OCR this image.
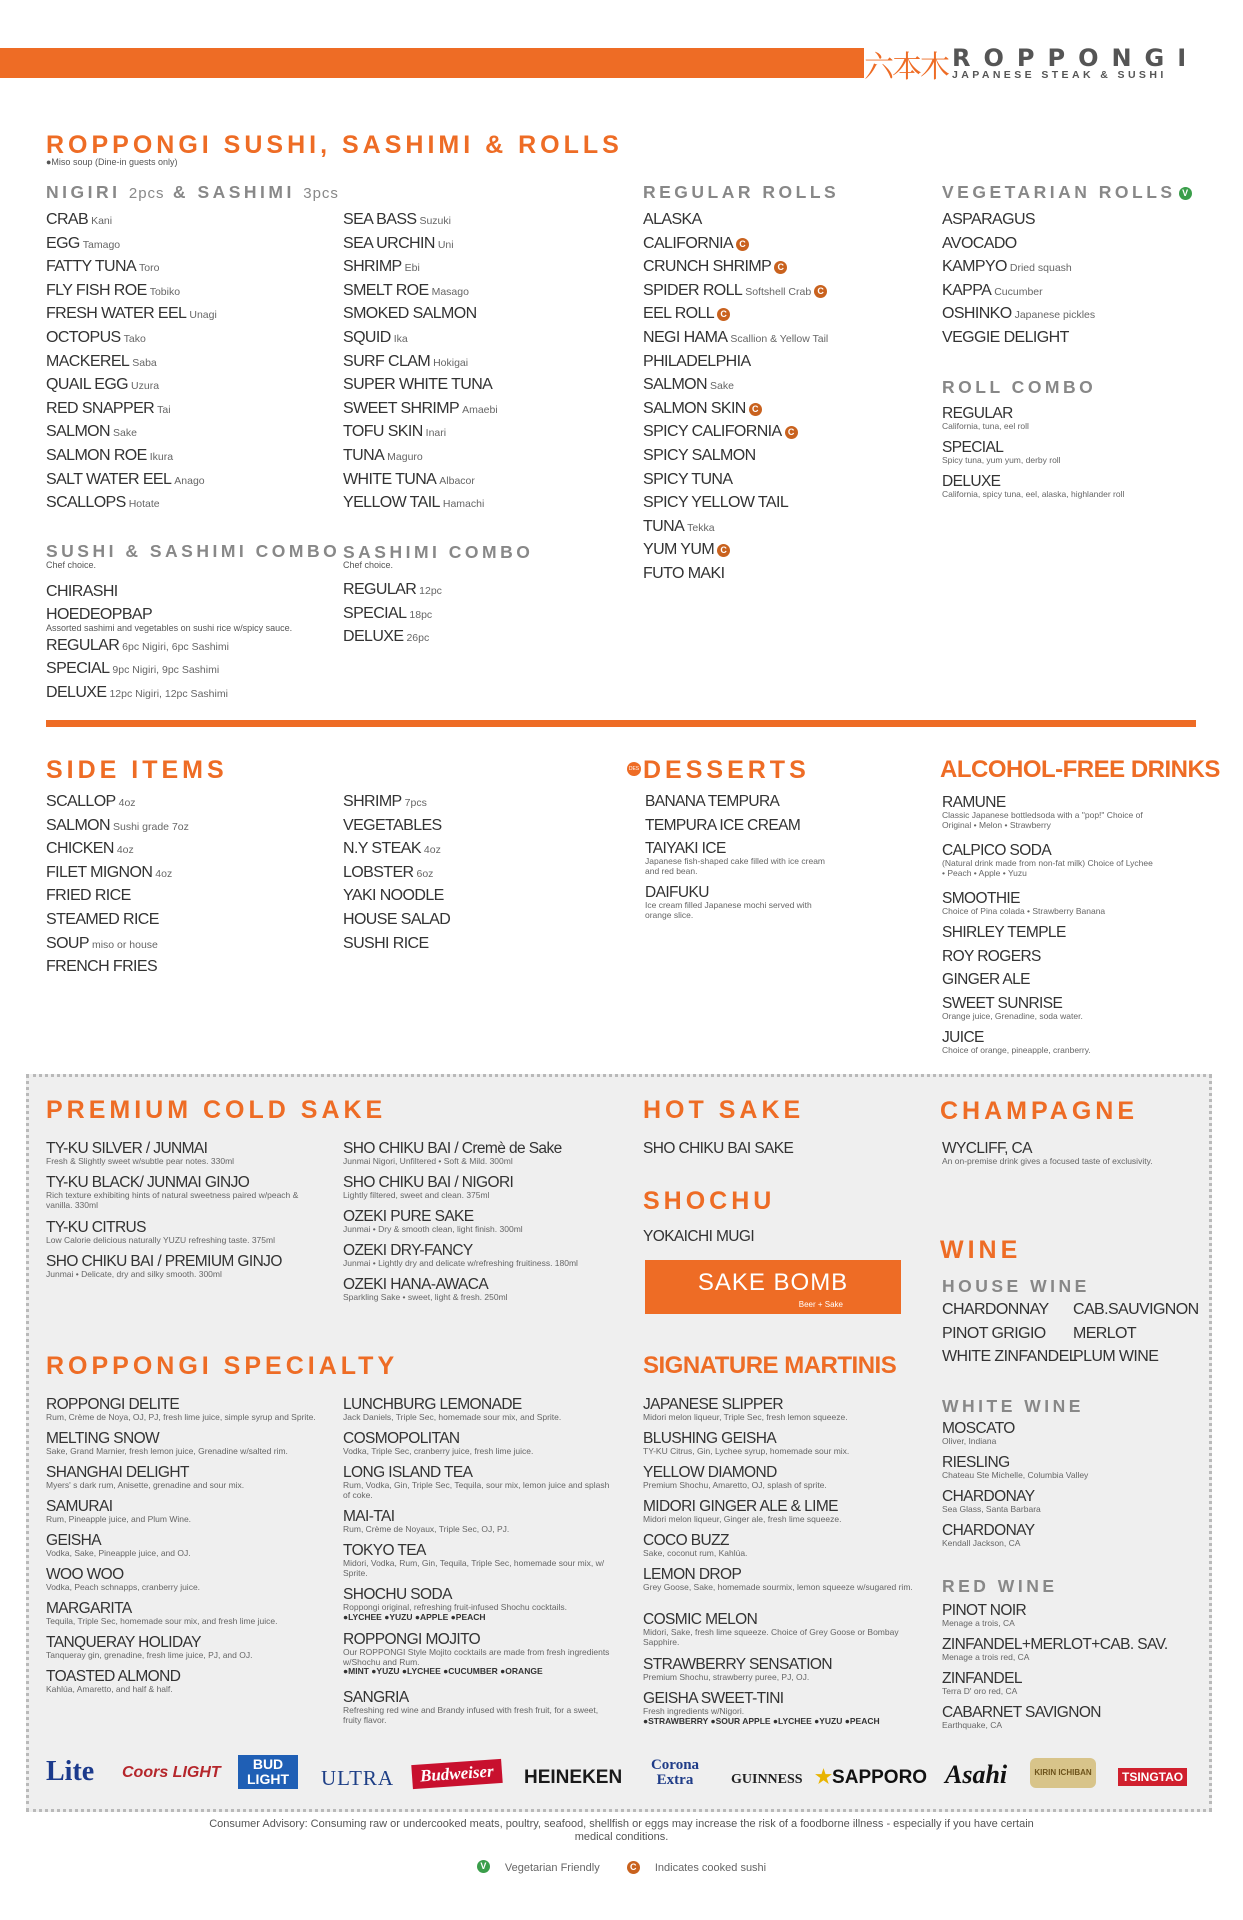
六本木 ROPPONGI
JAPANESE STEAK & SUSHI
ROPPONGI SUSHI, SASHIMI & ROLLS
●Miso soup (Dine-in guests only)
NIGIRI 2pcs & SASHIMI 3pcs
CRAB Kani
EGG Tamago
FATTY TUNA Toro
FLY FISH ROE Tobiko
FRESH WATER EEL Unagi
OCTOPUS Tako
MACKEREL Saba
QUAIL EGG Uzura
RED SNAPPER Tai
SALMON Sake
SALMON ROE Ikura
SALT WATER EEL Anago
SCALLOPS Hotate
SEA BASS Suzuki
SEA URCHIN Uni
SHRIMP Ebi
SMELT ROE Masago
SMOKED SALMON
SQUID Ika
SURF CLAM Hokigai
SUPER WHITE TUNA
SWEET SHRIMP Amaebi
TOFU SKIN Inari
TUNA Maguro
WHITE TUNA Albacor
YELLOW TAIL Hamachi
SUSHI & SASHIMI COMBO
Chef choice.
CHIRASHI
HOEDEOPBAP
Assorted sashimi and vegetables on sushi rice w/spicy sauce.
REGULAR 6pc Nigiri, 6pc Sashimi
SPECIAL 9pc Nigiri, 9pc Sashimi
DELUXE 12pc Nigiri, 12pc Sashimi
SASHIMI COMBO
Chef choice.
REGULAR 12pc
SPECIAL 18pc
DELUXE 26pc
REGULAR ROLLS
ALASKA
CALIFORNIA C
CRUNCH SHRIMP C
SPIDER ROLL Softshell Crab C
EEL ROLL C
NEGI HAMA Scallion & Yellow Tail
PHILADELPHIA
SALMON Sake
SALMON SKIN C
SPICY CALIFORNIA C
SPICY SALMON
SPICY TUNA
SPICY YELLOW TAIL
TUNA Tekka
YUM YUM C
FUTO MAKI
VEGETARIAN ROLLS V
ASPARAGUS
AVOCADO
KAMPYO Dried squash
KAPPA Cucumber
OSHINKO Japanese pickles
VEGGIE DELIGHT
ROLL COMBO
REGULAR
California, tuna, eel roll
SPECIAL
Spicy tuna, yum yum, derby roll
DELUXE
California, spicy tuna, eel, alaska, highlander roll
SIDE ITEMS
SCALLOP 4oz
SALMON Sushi grade 7oz
CHICKEN 4oz
FILET MIGNON 4oz
FRIED RICE
STEAMED RICE
SOUP miso or house
FRENCH FRIES
SHRIMP 7pcs
VEGETABLES
N.Y STEAK 4oz
LOBSTER 6oz
YAKI NOODLE
HOUSE SALAD
SUSHI RICE
DES DESSERTS
BANANA TEMPURA
TEMPURA ICE CREAM
TAIYAKI ICE
Japanese fish-shaped cake filled with ice cream and red bean.
DAIFUKU
Ice cream filled Japanese mochi served with orange slice.
ALCOHOL-FREE DRINKS
RAMUNE
Classic Japanese bottledsoda with a "pop!" Choice of Original • Melon • Strawberry
CALPICO SODA
(Natural drink made from non-fat milk) Choice of Lychee • Peach • Apple • Yuzu
SMOOTHIE
Choice of Pina colada • Strawberry Banana
SHIRLEY TEMPLE
ROY ROGERS
GINGER ALE
SWEET SUNRISE
Orange juice, Grenadine, soda water.
JUICE
Choice of orange, pineapple, cranberry.
PREMIUM COLD SAKE
TY-KU SILVER / JUNMAI
Fresh & Slightly sweet w/subtle pear notes. 330ml
TY-KU BLACK/ JUNMAI GINJO
Rich texture exhibiting hints of natural sweetness paired w/peach & vanilla. 330ml
TY-KU CITRUS
Low Calorie delicious naturally YUZU refreshing taste. 375ml
SHO CHIKU BAI / PREMIUM GINJO
Junmai • Delicate, dry and silky smooth. 300ml
SHO CHIKU BAI / Cremè de Sake
Junmai Nigori, Unfiltered • Soft & Mild. 300ml
SHO CHIKU BAI / NIGORI
Lightly filtered, sweet and clean. 375ml
OZEKI PURE SAKE
Junmai • Dry & smooth clean, light finish. 300ml
OZEKI DRY-FANCY
Junmai • Lightly dry and delicate w/refreshing fruitiness. 180ml
OZEKI HANA-AWACA
Sparkling Sake • sweet, light & fresh. 250ml
HOT SAKE
SHO CHIKU BAI SAKE
SHOCHU
YOKAICHI MUGI
SAKE BOMB
Beer + Sake
CHAMPAGNE
WYCLIFF, CA
An on-premise drink gives a focused taste of exclusivity.
WINE
HOUSE WINE
CHARDONNAY
PINOT GRIGIO
WHITE ZINFANDEL
CAB.SAUVIGNON
MERLOT
PLUM WINE
WHITE WINE
MOSCATO
Oliver, Indiana
RIESLING
Chateau Ste Michelle, Columbia Valley
CHARDONAY
Sea Glass, Santa Barbara
CHARDONAY
Kendall Jackson, CA
RED WINE
PINOT NOIR
Menage a trois, CA
ZINFANDEL+MERLOT+CAB. SAV.
Menage a trois red, CA
ZINFANDEL
Terra D' oro red, CA
CABARNET SAVIGNON
Earthquake, CA
ROPPONGI SPECIALTY
ROPPONGI DELITE
Rum, Crème de Noya, OJ, PJ, fresh lime juice, simple syrup and Sprite.
MELTING SNOW
Sake, Grand Marnier, fresh lemon juice, Grenadine w/salted rim.
SHANGHAI DELIGHT
Myers' s dark rum, Anisette, grenadine and sour mix.
SAMURAI
Rum, Pineapple juice, and Plum Wine.
GEISHA
Vodka, Sake, Pineapple juice, and OJ.
WOO WOO
Vodka, Peach schnapps, cranberry juice.
MARGARITA
Tequila, Triple Sec, homemade sour mix, and fresh lime juice.
TANQUERAY HOLIDAY
Tanqueray gin, grenadine, fresh lime juice, PJ, and OJ.
TOASTED ALMOND
Kahlúa, Amaretto, and half & half.
LUNCHBURG LEMONADE
Jack Daniels, Triple Sec, homemade sour mix, and Sprite.
COSMOPOLITAN
Vodka, Triple Sec, cranberry juice, fresh lime juice.
LONG ISLAND TEA
Rum, Vodka, Gin, Triple Sec, Tequila, sour mix, lemon juice and splash of coke.
MAI-TAI
Rum, Crème de Noyaux, Triple Sec, OJ, PJ.
TOKYO TEA
Midori, Vodka, Rum, Gin, Tequila, Triple Sec, homemade sour mix, w/ Sprite.
SHOCHU SODA
Roppongi original, refreshing fruit-infused Shochu cocktails.
●LYCHEE ●YUZU ●APPLE ●PEACH
ROPPONGI MOJITO
Our ROPPONGI Style Mojito cocktails are made from fresh ingredients w/Shochu and Rum.
●MINT ●YUZU ●LYCHEE ●CUCUMBER ●ORANGE
SANGRIA
Refreshing red wine and Brandy infused with fresh fruit, for a sweet, fruity flavor.
SIGNATURE MARTINIS
JAPANESE SLIPPER
Midori melon liqueur, Triple Sec, fresh lemon squeeze.
BLUSHING GEISHA
TY-KU Citrus, Gin, Lychee syrup, homemade sour mix.
YELLOW DIAMOND
Premium Shochu, Amaretto, OJ, splash of sprite.
MIDORI GINGER ALE & LIME
Midori melon liqueur, Ginger ale, fresh lime squeeze.
COCO BUZZ
Sake, coconut rum, Kahlúa.
LEMON DROP
Grey Goose, Sake, homemade sourmix, lemon squeeze w/sugared rim.
COSMIC MELON
Midori, Sake, fresh lime squeeze. Choice of Grey Goose or Bombay Sapphire.
STRAWBERRY SENSATION
Premium Shochu, strawberry puree, PJ, OJ.
GEISHA SWEET-TINI
Fresh ingredients w/Nigori.
●STRAWBERRY ●SOUR APPLE ●LYCHEE ●YUZU ●PEACH
Lite Coors LIGHT	BUD LIGHT	ULTRA	Budweiser	HEINEKEN
Corona Extra	GUINNESS ★SAPPORO Asahi	KIRIN ICHIBAN	TSINGTAO
Consumer Advisory: Consuming raw or undercooked meats, poultry, seafood, shellfish or eggs may increase the risk of a foodborne illness - especially if you have certain medical conditions.
V Vegetarian Friendly	C Indicates cooked sushi
